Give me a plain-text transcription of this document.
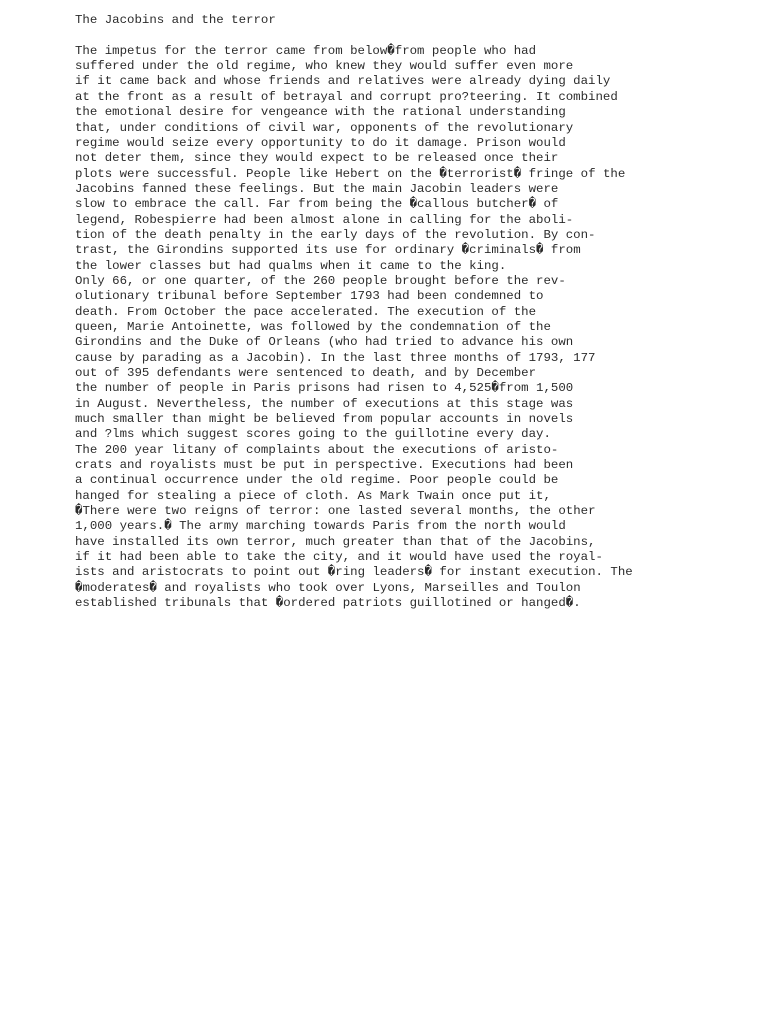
The Jacobins and the terror
The impetus for the terror came from below�from people who had
suffered under the old regime, who knew they would suffer even more
if it came back and whose friends and relatives were already dying daily
at the front as a result of betrayal and corrupt pro?teering. It combined
the emotional desire for vengeance with the rational understanding
that, under conditions of civil war, opponents of the revolutionary
regime would seize every opportunity to do it damage. Prison would
not deter them, since they would expect to be released once their
plots were successful. People like Hebert on the �terrorist� fringe of the
Jacobins fanned these feelings. But the main Jacobin leaders were
slow to embrace the call. Far from being the �callous butcher� of
legend, Robespierre had been almost alone in calling for the aboli-
tion of the death penalty in the early days of the revolution. By con-
trast, the Girondins supported its use for ordinary �criminals� from
the lower classes but had qualms when it came to the king.
Only 66, or one quarter, of the 260 people brought before the rev-
olutionary tribunal before September 1793 had been condemned to
death. From October the pace accelerated. The execution of the
queen, Marie Antoinette, was followed by the condemnation of the
Girondins and the Duke of Orleans (who had tried to advance his own
cause by parading as a Jacobin). In the last three months of 1793, 177
out of 395 defendants were sentenced to death, and by December
the number of people in Paris prisons had risen to 4,525�from 1,500
in August. Nevertheless, the number of executions at this stage was
much smaller than might be believed from popular accounts in novels
and ?lms which suggest scores going to the guillotine every day.
The 200 year litany of complaints about the executions of aristo-
crats and royalists must be put in perspective. Executions had been
a continual occurrence under the old regime. Poor people could be
hanged for stealing a piece of cloth. As Mark Twain once put it,
�There were two reigns of terror: one lasted several months, the other
1,000 years.� The army marching towards Paris from the north would
have installed its own terror, much greater than that of the Jacobins,
if it had been able to take the city, and it would have used the royal-
ists and aristocrats to point out �ring leaders� for instant execution. The
�moderates� and royalists who took over Lyons, Marseilles and Toulon
established tribunals that �ordered patriots guillotined or hanged�.
